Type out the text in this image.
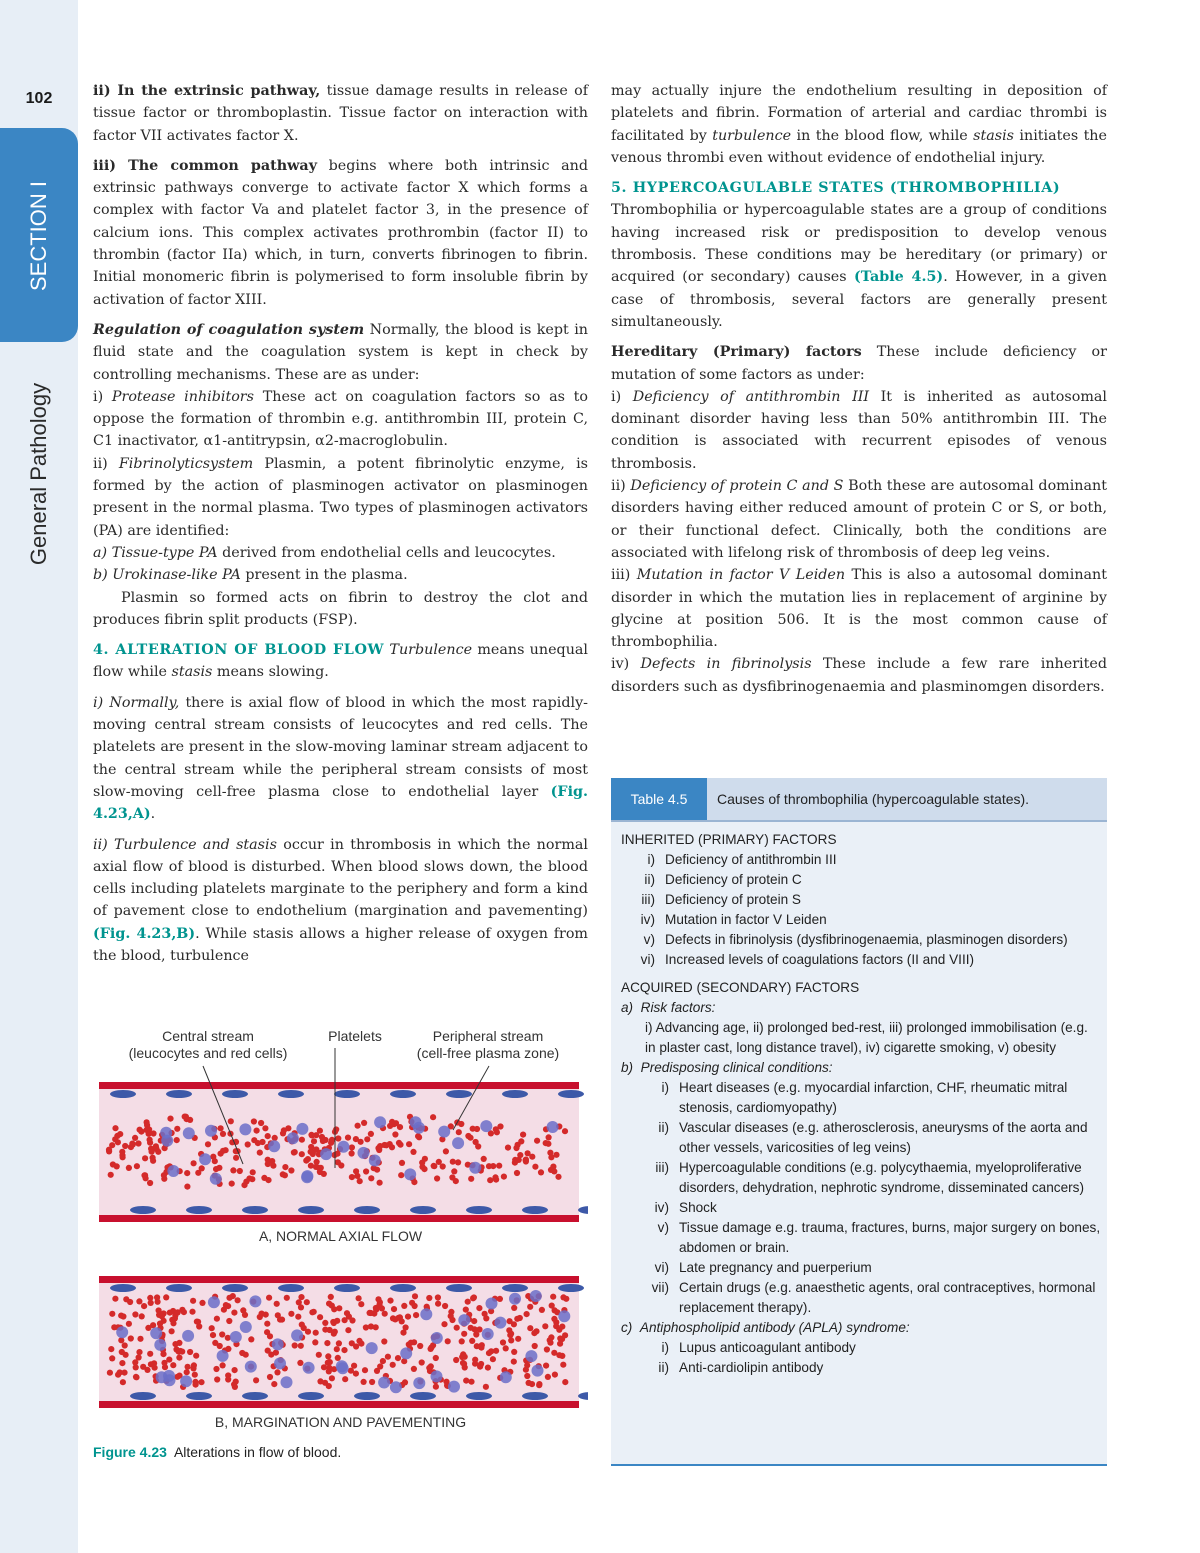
102
SECTION I
General Pathology

ii) In the extrinsic pathway, tissue damage results in release of tissue factor or thromboplastin. Tissue factor on interaction with factor VII activates factor X.

iii) The common pathway begins where both intrinsic and extrinsic pathways converge to activate factor X which forms a complex with factor Va and platelet factor 3, in the presence of calcium ions. This complex activates prothrombin (factor II) to thrombin (factor IIa) which, in turn, converts fibrinogen to fibrin. Initial monomeric fibrin is polymerised to form insoluble fibrin by activation of factor XIII.

Regulation of coagulation system Normally, the blood is kept in fluid state and the coagulation system is kept in check by controlling mechanisms. These are as under:

i) Protease inhibitors These act on coagulation factors so as to oppose the formation of thrombin e.g. antithrombin III, protein C, C1 inactivator, α1-antitrypsin, α2-macroglobulin.

ii) Fibrinolyticsystem Plasmin, a potent fibrinolytic enzyme, is formed by the action of plasminogen activator on plasminogen present in the normal plasma. Two types of plasminogen activators (PA) are identified:

a) Tissue-type PA derived from endothelial cells and leucocytes.

b) Urokinase-like PA present in the plasma.

Plasmin so formed acts on fibrin to destroy the clot and produces fibrin split products (FSP).

4. ALTERATION OF BLOOD FLOW Turbulence means unequal flow while stasis means slowing.

i) Normally, there is axial flow of blood in which the most rapidly-moving central stream consists of leucocytes and red cells. The platelets are present in the slow-moving laminar stream adjacent to the central stream while the peripheral stream consists of most slow-moving cell-free plasma close to endothelial layer (Fig. 4.23,A).

ii) Turbulence and stasis occur in thrombosis in which the normal axial flow of blood is disturbed. When blood slows down, the blood cells including platelets marginate to the periphery and form a kind of pavement close to endothelium (margination and pavementing) (Fig. 4.23,B). While stasis allows a higher release of oxygen from the blood, turbulence

Central stream
(leucocytes and red cells)
Platelets	Peripheral stream
(cell-free plasma zone)
A, NORMAL AXIAL FLOW
B, MARGINATION AND PAVEMENTING
Figure 4.23 Alterations in flow of blood.

may actually injure the endothelium resulting in deposition of platelets and fibrin. Formation of arterial and cardiac thrombi is facilitated by turbulence in the blood flow, while stasis initiates the venous thrombi even without evidence of endothelial injury.

5. HYPERCOAGULABLE STATES (THROMBOPHILIA)

Thrombophilia or hypercoagulable states are a group of conditions having increased risk or predisposition to develop venous thrombosis. These conditions may be hereditary (or primary) or acquired (or secondary) causes (Table 4.5). However, in a given case of thrombosis, several factors are generally present simultaneously.

Hereditary (Primary) factors These include deficiency or mutation of some factors as under:

i) Deficiency of antithrombin III It is inherited as autosomal dominant disorder having less than 50% antithrombin III. The condition is associated with recurrent episodes of venous thrombosis.

ii) Deficiency of protein C and S Both these are autosomal dominant disorders having either reduced amount of protein C or S, or both, or their functional defect. Clinically, both the conditions are associated with lifelong risk of thrombosis of deep leg veins.

iii) Mutation in factor V Leiden This is also a autosomal dominant disorder in which the mutation lies in replacement of arginine by glycine at position 506. It is the most common cause of thrombophilia.

iv) Defects in fibrinolysis These include a few rare inherited disorders such as dysfibrinogenaemia and plasminomgen disorders.

Table 4.5	Causes of thrombophilia (hypercoagulable states).
INHERITED (PRIMARY) FACTORS
i) Deficiency of antithrombin III
ii) Deficiency of protein C
iii) Deficiency of protein S
iv) Mutation in factor V Leiden
v) Defects in fibrinolysis (dysfibrinogenaemia, plasminogen disorders)
vi) Increased levels of coagulations factors (II and VIII)
ACQUIRED (SECONDARY) FACTORS
a) Risk factors:
i) Advancing age, ii) prolonged bed-rest, iii) prolonged immobilisation (e.g. in plaster cast, long distance travel), iv) cigarette smoking, v) obesity
b) Predisposing clinical conditions:
i) Heart diseases (e.g. myocardial infarction, CHF, rheumatic mitral stenosis, cardiomyopathy)
ii) Vascular diseases (e.g. atherosclerosis, aneurysms of the aorta and other vessels, varicosities of leg veins)
iii) Hypercoagulable conditions (e.g. polycythaemia, myeloproliferative disorders, dehydration, nephrotic syndrome, disseminated cancers)
iv) Shock
v) Tissue damage e.g. trauma, fractures, burns, major surgery on bones, abdomen or brain.
vi) Late pregnancy and puerperium
vii) Certain drugs (e.g. anaesthetic agents, oral contraceptives, hormonal replacement therapy).
c) Antiphospholipid antibody (APLA) syndrome:
i) Lupus anticoagulant antibody
ii) Anti-cardiolipin antibody
